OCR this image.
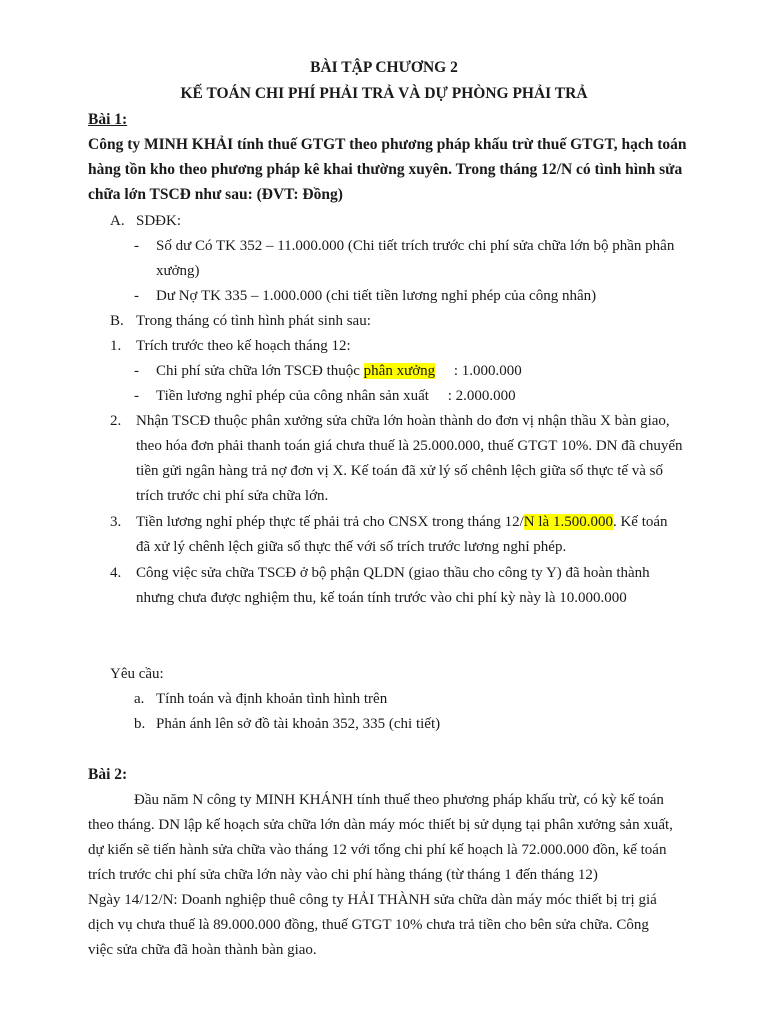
BÀI TẬP CHƯƠNG 2
KẾ TOÁN CHI PHÍ PHẢI TRẢ VÀ DỰ PHÒNG PHẢI TRẢ
Bài 1:
Công ty MINH KHẢI tính thuế GTGT theo phương pháp khấu trừ thuế GTGT, hạch toán
hàng tồn kho theo phương pháp kê khai thường xuyên. Trong tháng 12/N có tình hình sửa
chữa lớn TSCĐ như sau: (ĐVT: Đồng)
A. SDĐK:
- Số dư Có TK 352 – 11.000.000 (Chi tiết trích trước chi phí sửa chữa lớn bộ phần phân
xưởng)
- Dư Nợ TK 335 – 1.000.000 (chi tiết tiền lương nghỉ phép của công nhân)
B. Trong tháng có tình hình phát sinh sau:
1. Trích trước theo kế hoạch tháng 12:
- Chi phí sửa chữa lớn TSCĐ thuộc phân xưởng     : 1.000.000
- Tiền lương nghỉ phép của công nhân sản xuất     : 2.000.000
2. Nhận TSCĐ thuộc phân xưởng sửa chữa lớn hoàn thành do đơn vị nhận thầu X bàn giao,
theo hóa đơn phải thanh toán giá chưa thuế là 25.000.000, thuế GTGT 10%. DN đã chuyển
tiền gửi ngân hàng trả nợ đơn vị X. Kế toán đã xử lý số chênh lệch giữa số thực tế và số
trích trước chi phí sửa chữa lớn.
3. Tiền lương nghỉ phép thực tế phải trả cho CNSX trong tháng 12/N là 1.500.000. Kế toán
đã xử lý chênh lệch giữa số thực thế với số trích trước lương nghỉ phép.
4. Công việc sửa chữa TSCĐ ở bộ phận QLDN (giao thầu cho công ty Y) đã hoàn thành
nhưng chưa được nghiệm thu, kế toán tính trước vào chi phí kỳ này là 10.000.000
Yêu cầu:
a. Tính toán và định khoản tình hình trên
b. Phản ánh lên sở đồ tài khoản 352, 335 (chi tiết)
Bài 2:
Đầu năm N công ty MINH KHÁNH tính thuế theo phương pháp khấu trừ, có kỳ kế toán
theo tháng. DN lập kế hoạch sửa chữa lớn dàn máy móc thiết bị sử dụng tại phân xưởng sản xuất,
dự kiến sẽ tiến hành sửa chữa vào tháng 12 với tổng chi phí kế hoạch là 72.000.000 đồn, kế toán
trích trước chi phí sửa chữa lớn này vào chi phí hàng tháng (từ tháng 1 đến tháng 12)
Ngày 14/12/N: Doanh nghiệp thuê công ty HẢI THÀNH sửa chữa dàn máy móc thiết bị trị giá
dịch vụ chưa thuế là 89.000.000 đồng, thuế GTGT 10% chưa trả tiền cho bên sửa chữa. Công
việc sửa chữa đã hoàn thành bàn giao.
